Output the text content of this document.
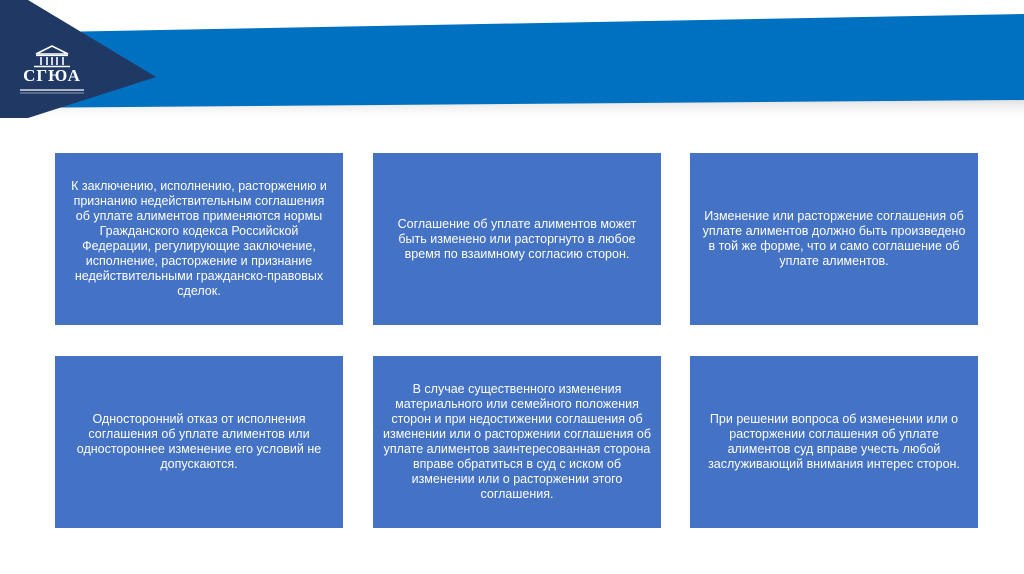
СГЮА
К заключению, исполнению, расторжению и признанию недействительным соглашения об уплате алиментов применяются нормы Гражданского кодекса Российской Федерации, регулирующие заключение, исполнение, расторжение и признание недействительными гражданско-правовых сделок.
Соглашение об уплате алиментов может быть изменено или расторгнуто в любое время по взаимному согласию сторон.
Изменение или расторжение соглашения об уплате алиментов должно быть произведено в той же форме, что и само соглашение об уплате алиментов.
Односторонний отказ от исполнения соглашения об уплате алиментов или одностороннее изменение его условий не допускаются.
В случае существенного изменения материального или семейного положения сторон и при недостижении соглашения об изменении или о расторжении соглашения об уплате алиментов заинтересованная сторона вправе обратиться в суд с иском об изменении или о расторжении этого соглашения.
При решении вопроса об изменении или о расторжении соглашения об уплате алиментов суд вправе учесть любой заслуживающий внимания интерес сторон.
